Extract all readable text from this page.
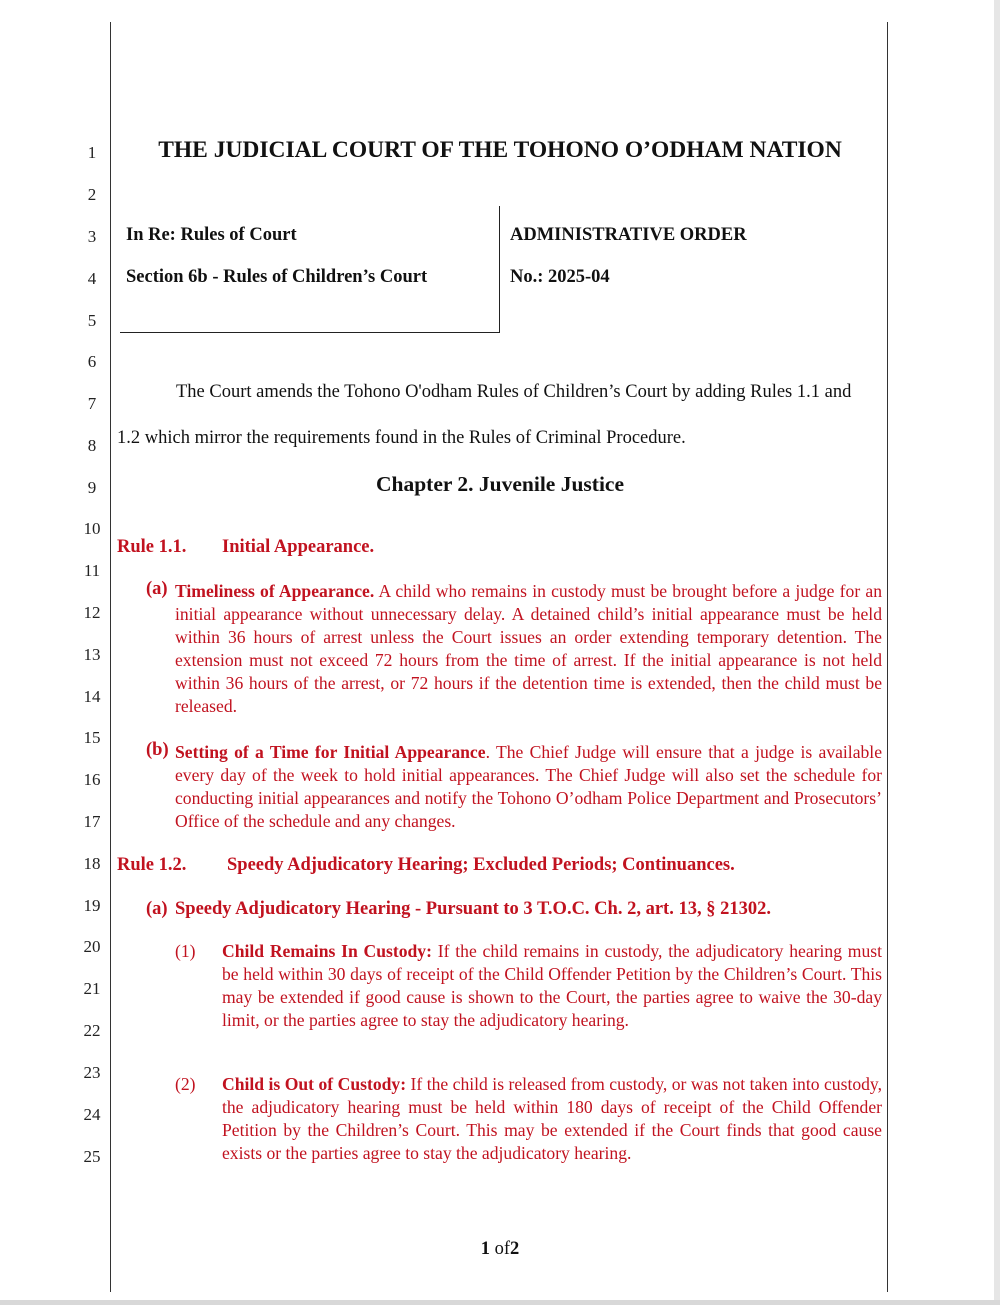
1
2
3
4
5
6
7
8
9
10
11
12
13
14
15
16
17
18
19
20
21
22
23
24
25
THE JUDICIAL COURT OF THE TOHONO O’ODHAM NATION
In Re: Rules of Court
Section 6b - Rules of Children’s Court
ADMINISTRATIVE ORDER
No.: 2025-04
The Court amends the Tohono O'odham Rules of Children’s Court by adding Rules 1.1 and
1.2 which mirror the requirements found in the Rules of Criminal Procedure.
Chapter 2. Juvenile Justice
Rule 1.1. Initial Appearance.
(a) Timeliness of Appearance. A child who remains in custody must be brought before a judge for an initial appearance without unnecessary delay. A detained child’s initial appearance must be held within 36 hours of arrest unless the Court issues an order extending temporary detention. The extension must not exceed 72 hours from the time of arrest. If the initial appearance is not held within 36 hours of the arrest, or 72 hours if the detention time is extended, then the child must be released.
(b) Setting of a Time for Initial Appearance. The Chief Judge will ensure that a judge is available every day of the week to hold initial appearances. The Chief Judge will also set the schedule for conducting initial appearances and notify the Tohono O’odham Police Department and Prosecutors’ Office of the schedule and any changes.
Rule 1.2. Speedy Adjudicatory Hearing; Excluded Periods; Continuances.
(a) Speedy Adjudicatory Hearing - Pursuant to 3 T.O.C. Ch. 2, art. 13, § 21302.
(1) Child Remains In Custody: If the child remains in custody, the adjudicatory hearing must be held within 30 days of receipt of the Child Offender Petition by the Children’s Court. This may be extended if good cause is shown to the Court, the parties agree to waive the 30-day limit, or the parties agree to stay the adjudicatory hearing.
(2) Child is Out of Custody: If the child is released from custody, or was not taken into custody, the adjudicatory hearing must be held within 180 days of receipt of the Child Offender Petition by the Children’s Court. This may be extended if the Court finds that good cause exists or the parties agree to stay the adjudicatory hearing.
1 of2
